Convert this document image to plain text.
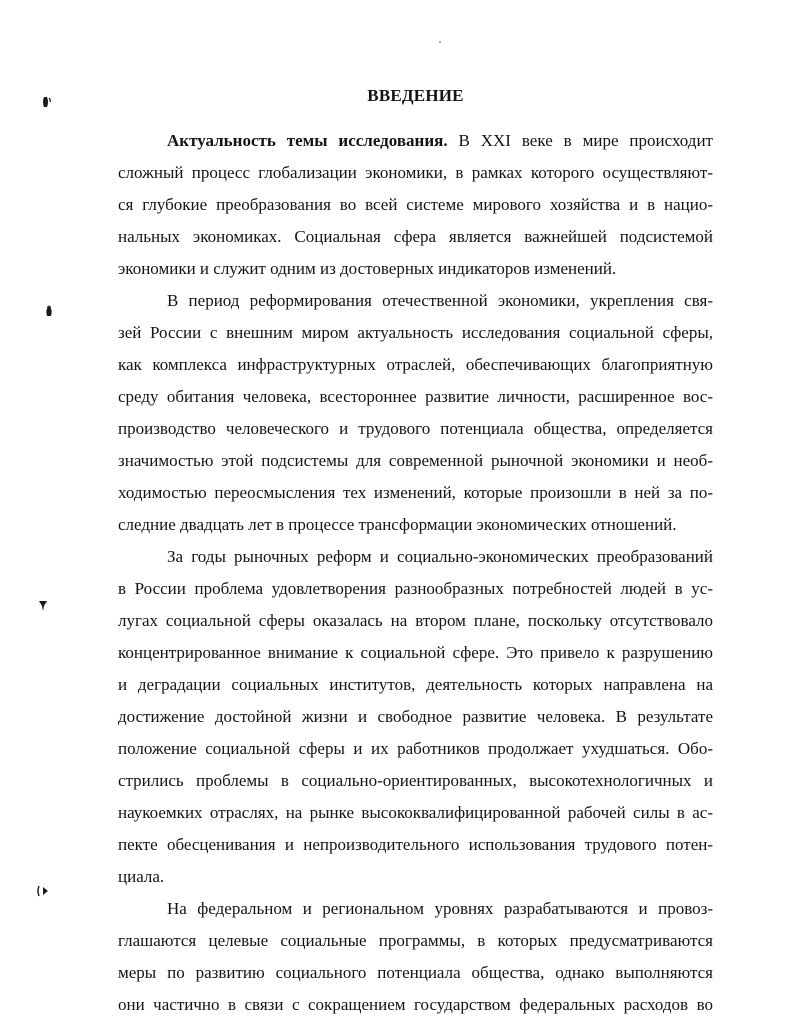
ВВЕДЕНИЕ
Актуальность темы исследования. В XXI веке в мире происходит
сложный процесс глобализации экономики, в рамках которого осуществляют-
ся глубокие преобразования во всей системе мирового хозяйства и в нацио-
нальных экономиках. Социальная сфера является важнейшей подсистемой
экономики и служит одним из достоверных индикаторов изменений.
В период реформирования отечественной экономики, укрепления свя-
зей России с внешним миром актуальность исследования социальной сферы,
как комплекса инфраструктурных отраслей, обеспечивающих благоприятную
среду обитания человека, всестороннее развитие личности, расширенное вос-
производство человеческого и трудового потенциала общества, определяется
значимостью этой подсистемы для современной рыночной экономики и необ-
ходимостью переосмысления тех изменений, которые произошли в ней за по-
следние двадцать лет в процессе трансформации экономических отношений.
За годы рыночных реформ и социально-экономических преобразований
в России проблема удовлетворения разнообразных потребностей людей в ус-
лугах социальной сферы оказалась на втором плане, поскольку отсутствовало
концентрированное внимание к социальной сфере. Это привело к разрушению
и деградации социальных институтов, деятельность которых направлена на
достижение достойной жизни и свободное развитие человека. В результате
положение социальной сферы и их работников продолжает ухудшаться. Обо-
стрились проблемы в социально-ориентированных, высокотехнологичных и
наукоемких отраслях, на рынке высококвалифицированной рабочей силы в ас-
пекте обесценивания и непроизводительного использования трудового потен-
циала.
На федеральном и региональном уровнях разрабатываются и провоз-
глашаются целевые социальные программы, в которых предусматриваются
меры по развитию социального потенциала общества, однако выполняются
они частично в связи с сокращением государством федеральных расходов во
